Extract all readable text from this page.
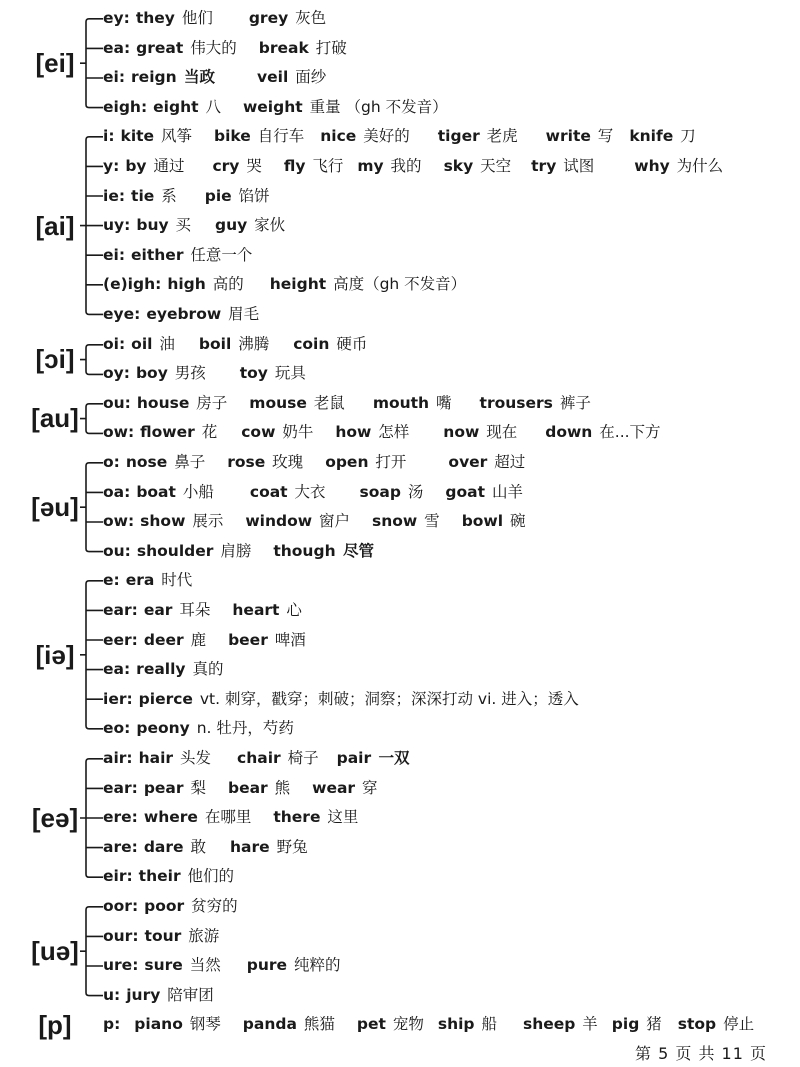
[ei]
ey: they 他们 grey 灰色
ea: great 伟大的 break 打破
ei: reign 当政	veil 面纱
eigh: eight 八 weight 重量 （gh 不发音）
[ai]
i: kite 风筝 bike 自行车 nice 美好的 tiger 老虎 write 写 knife 刀
y: by 通过 cry 哭 fly 飞行 my 我的 sky 天空 try 试图	why 为什么
ie: tie 系 pie 馅饼
uy: buy 买 guy 家伙
ei: either 任意一个
(e)igh: high 高的 height 高度（gh 不发音）
eye: eyebrow 眉毛
[ɔi]
oi: oil 油 boil 沸腾 coin 硬币
oy: boy 男孩 toy 玩具
[au]
ou: house 房子 mouse 老鼠 mouth 嘴 trousers 裤子
ow: flower 花 cow 奶牛 how 怎样 now 现在 down 在...下方
[əu]
o: nose 鼻子 rose 玫瑰 open 打开	over 超过
oa: boat 小船 coat 大衣 soap 汤 goat 山羊
ow: show 展示 window 窗户 snow 雪 bowl 碗
ou: shoulder 肩膀 though 尽管
[iə]
e: era 时代
ear: ear 耳朵 heart 心
eer: deer 鹿 beer 啤酒
ea: really 真的
ier: pierce vt. 刺穿，戳穿；刺破；洞察；深深打动 vi. 进入；透入
eo: peony n. 牡丹，芍药
[eə]
air: hair 头发 chair 椅子 pair 一双
ear: pear 梨 bear 熊 wear 穿
ere: where 在哪里 there 这里
are: dare 敢 hare 野兔
eir: their 他们的
[uə]
oor: poor 贫穷的
our: tour 旅游
ure: sure 当然 pure 纯粹的
u: jury 陪审团
[p]	p: piano 钢琴 panda 熊猫 pet 宠物 ship 船 sheep 羊 pig 猪 stop 停止
第 5 页 共 11 页
